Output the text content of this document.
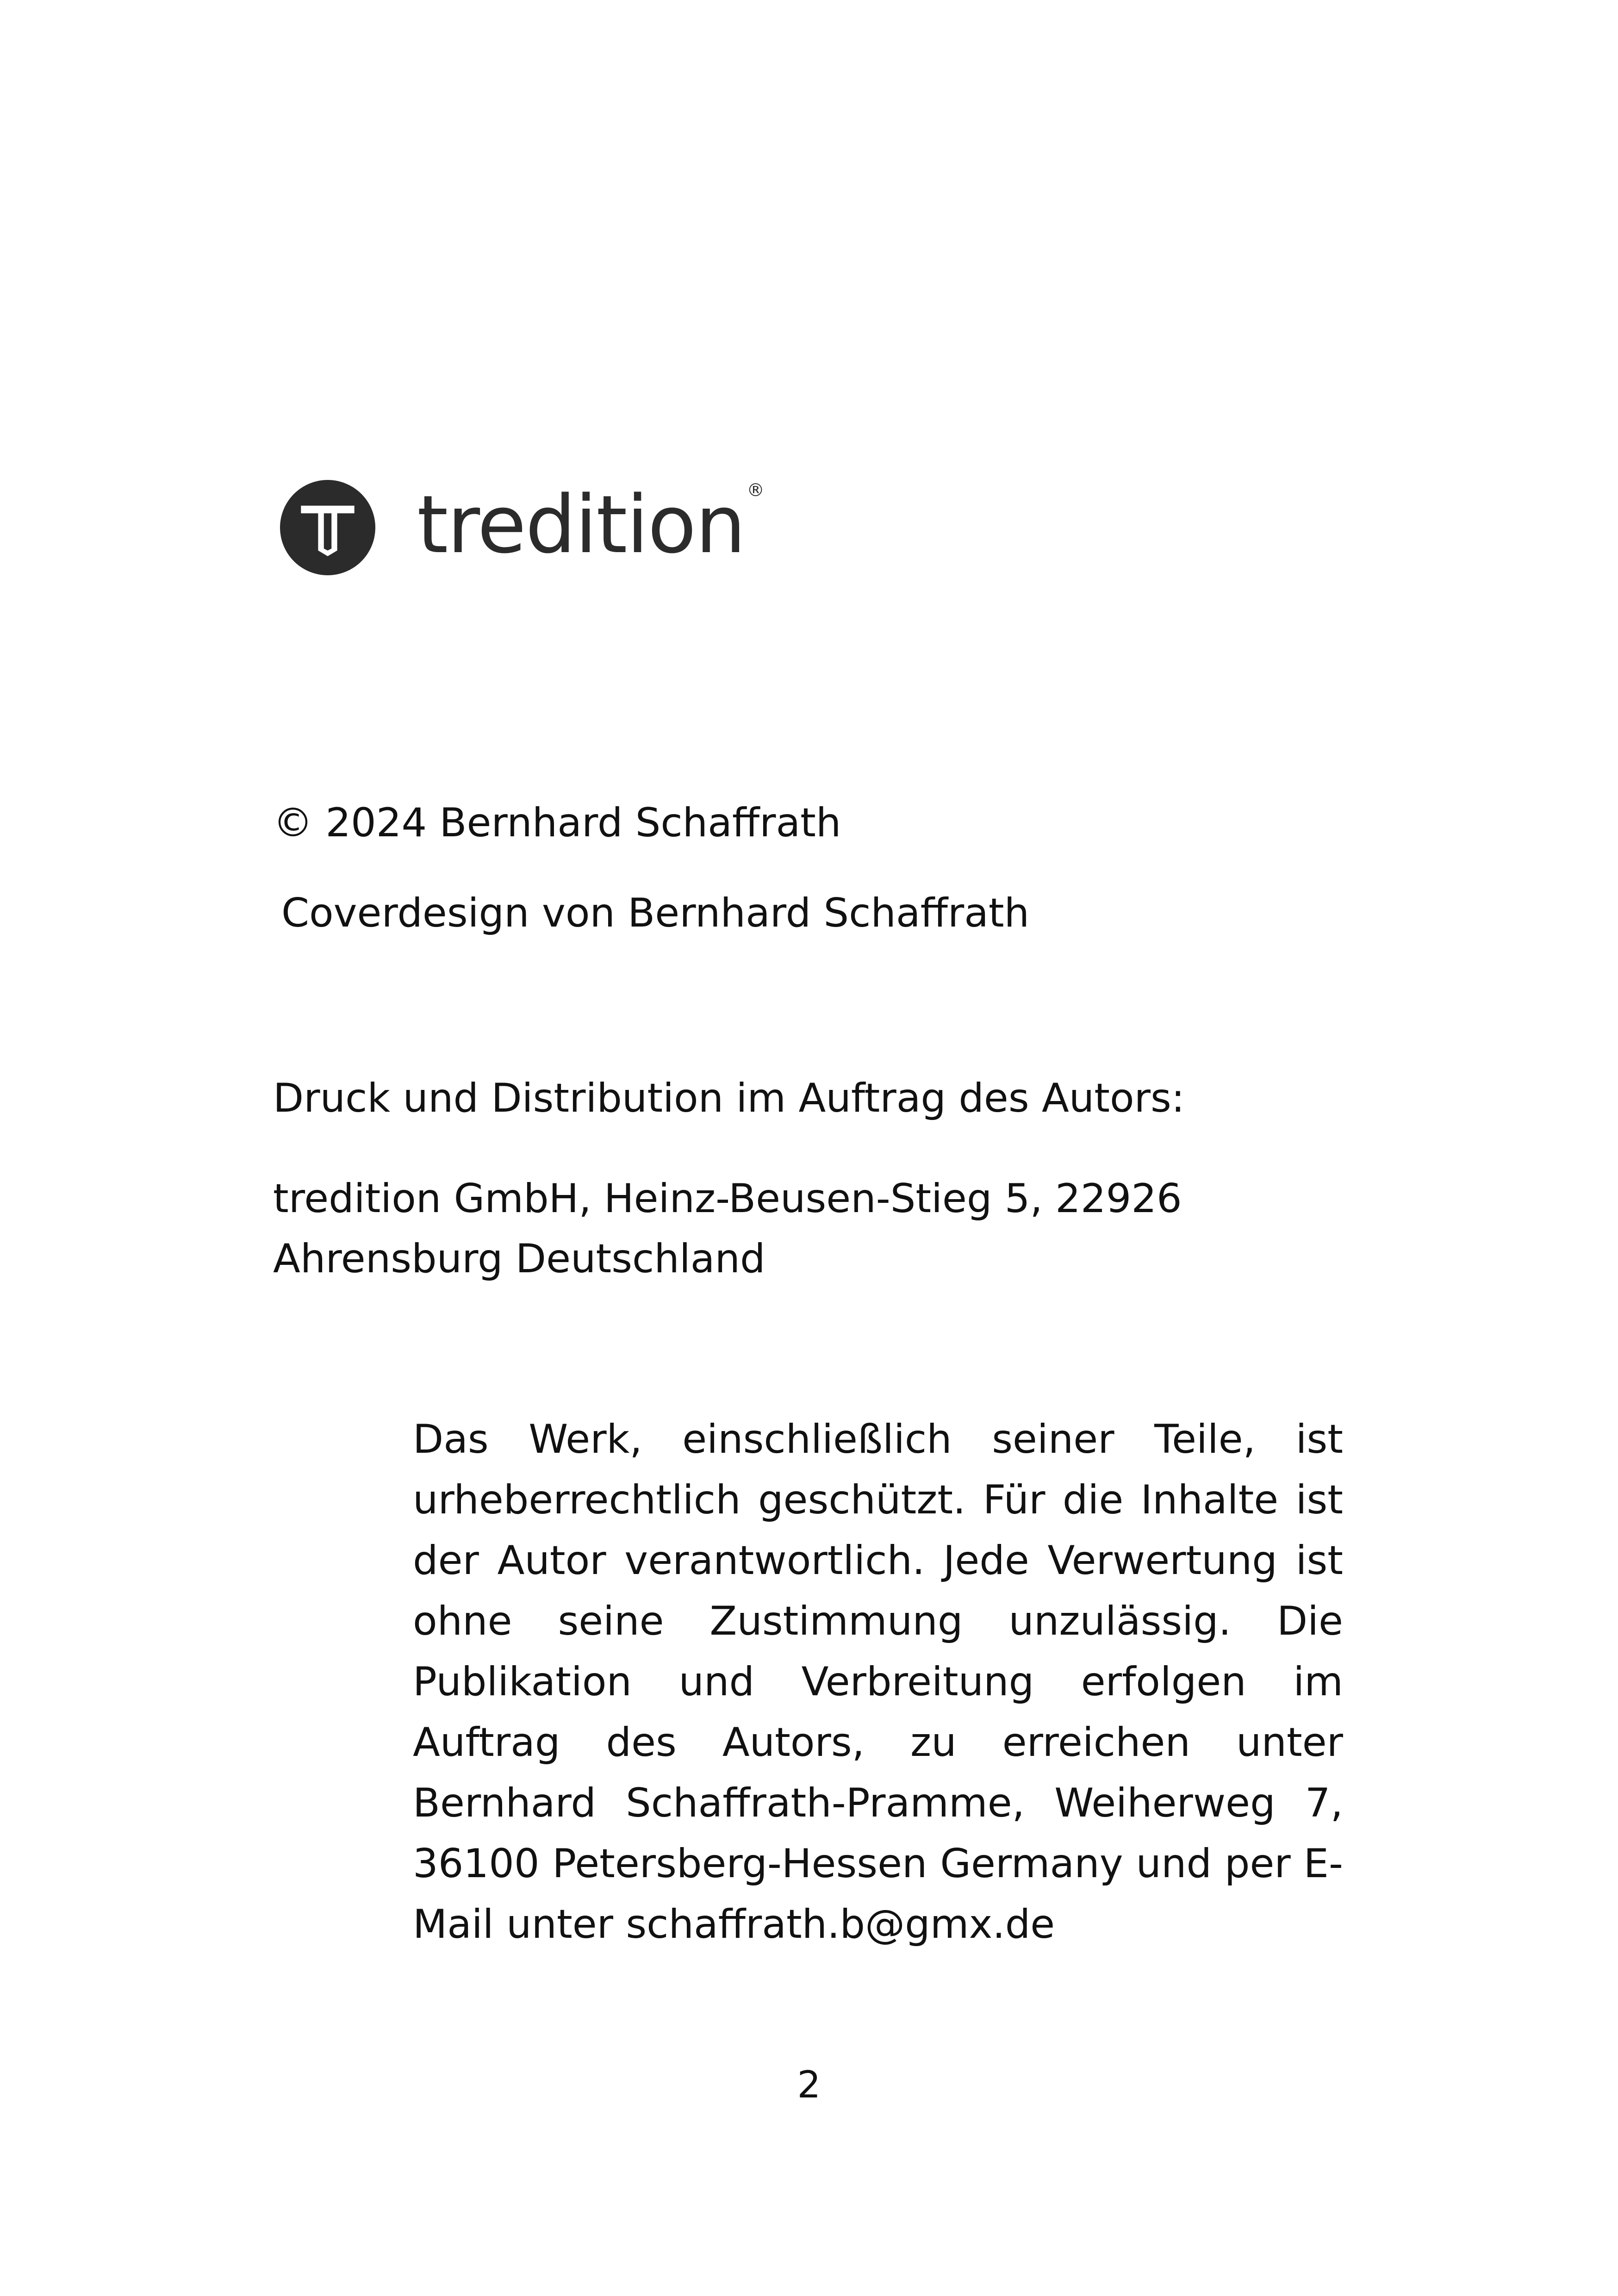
tredition ®
© 2024 Bernhard Schaffrath
Coverdesign von Bernhard Schaffrath
Druck und Distribution im Auftrag des Autors:
tredition GmbH, Heinz-Beusen-Stieg 5, 22926
Ahrensburg Deutschland

Das Werk, einschließlich seiner Teile, ist urheberrechtlich geschützt. Für die Inhalte ist der Autor verantwortlich. Jede Verwertung ist ohne seine Zustimmung unzulässig. Die Publikation und Verbreitung erfolgen im Auftrag des Autors, zu erreichen unter Bernhard Schaffrath-Pramme, Weiherweg 7, 36100 Petersberg-Hessen Germany und per E-Mail unter schaffrath.b@gmx.de

2
